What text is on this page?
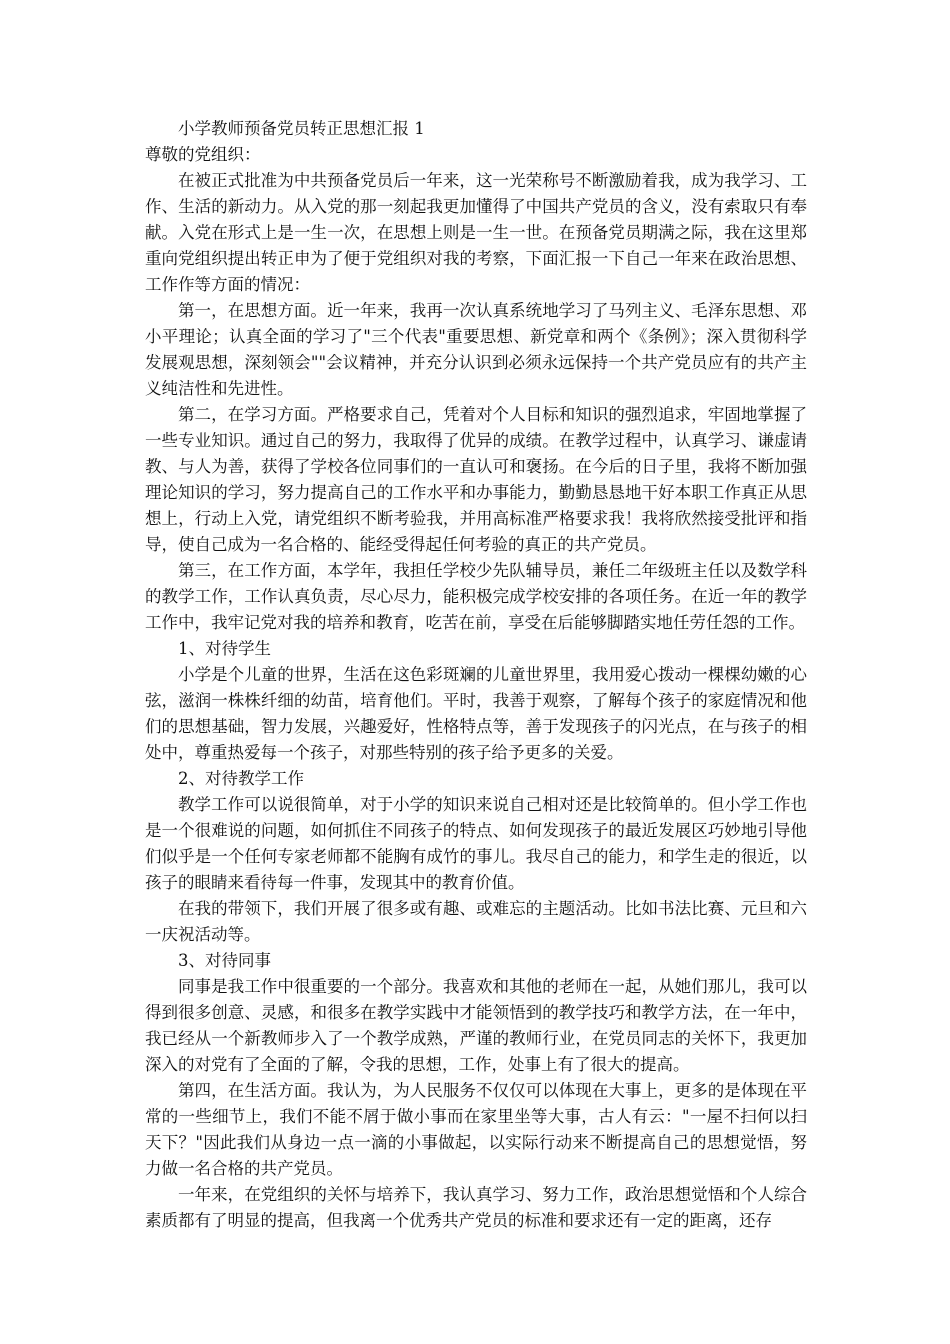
小学教师预备党员转正思想汇报 1

尊敬的党组织：

在被正式批准为中共预备党员后一年来，这一光荣称号不断激励着我，成为我学习、工作、生活的新动力。从入党的那一刻起我更加懂得了中国共产党员的含义，没有索取只有奉献。入党在形式上是一生一次，在思想上则是一生一世。在预备党员期满之际，我在这里郑重向党组织提出转正申为了便于党组织对我的考察，下面汇报一下自己一年来在政治思想、工作作等方面的情况：

第一，在思想方面。近一年来，我再一次认真系统地学习了马列主义、毛泽东思想、邓小平理论；认真全面的学习了"三个代表"重要思想、新党章和两个《条例》；深入贯彻科学发展观思想，深刻领会""会议精神，并充分认识到必须永远保持一个共产党员应有的共产主义纯洁性和先进性。

第二，在学习方面。严格要求自己，凭着对个人目标和知识的强烈追求，牢固地掌握了一些专业知识。通过自己的努力，我取得了优异的成绩。在教学过程中，认真学习、谦虚请教、与人为善，获得了学校各位同事们的一直认可和褒扬。在今后的日子里，我将不断加强理论知识的学习，努力提高自己的工作水平和办事能力，勤勤恳恳地干好本职工作真正从思想上，行动上入党，请党组织不断考验我，并用高标准严格要求我！我将欣然接受批评和指导，使自己成为一名合格的、能经受得起任何考验的真正的共产党员。

第三，在工作方面，本学年，我担任学校少先队辅导员，兼任二年级班主任以及数学科的教学工作，工作认真负责，尽心尽力，能积极完成学校安排的各项任务。在近一年的教学工作中，我牢记党对我的培养和教育，吃苦在前，享受在后能够脚踏实地任劳任怨的工作。

1、对待学生

小学是个儿童的世界，生活在这色彩斑斓的儿童世界里，我用爱心拨动一棵棵幼嫩的心弦，滋润一株株纤细的幼苗，培育他们。平时，我善于观察，了解每个孩子的家庭情况和他们的思想基础，智力发展，兴趣爱好，性格特点等，善于发现孩子的闪光点，在与孩子的相处中，尊重热爱每一个孩子，对那些特别的孩子给予更多的关爱。

2、对待教学工作

教学工作可以说很简单，对于小学的知识来说自己相对还是比较简单的。但小学工作也是一个很难说的问题，如何抓住不同孩子的特点、如何发现孩子的最近发展区巧妙地引导他们似乎是一个任何专家老师都不能胸有成竹的事儿。我尽自己的能力，和学生走的很近，以孩子的眼睛来看待每一件事，发现其中的教育价值。

在我的带领下，我们开展了很多或有趣、或难忘的主题活动。比如书法比赛、元旦和六一庆祝活动等。

3、对待同事

同事是我工作中很重要的一个部分。我喜欢和其他的老师在一起，从她们那儿，我可以得到很多创意、灵感，和很多在教学实践中才能领悟到的教学技巧和教学方法，在一年中，我已经从一个新教师步入了一个教学成熟，严谨的教师行业，在党员同志的关怀下，我更加深入的对党有了全面的了解，令我的思想，工作，处事上有了很大的提高。

第四，在生活方面。我认为，为人民服务不仅仅可以体现在大事上，更多的是体现在平常的一些细节上，我们不能不屑于做小事而在家里坐等大事，古人有云："一屋不扫何以扫天下？"因此我们从身边一点一滴的小事做起，以实际行动来不断提高自己的思想觉悟，努力做一名合格的共产党员。

一年来，在党组织的关怀与培养下，我认真学习、努力工作，政治思想觉悟和个人综合素质都有了明显的提高，但我离一个优秀共产党员的标准和要求还有一定的距离，还存
